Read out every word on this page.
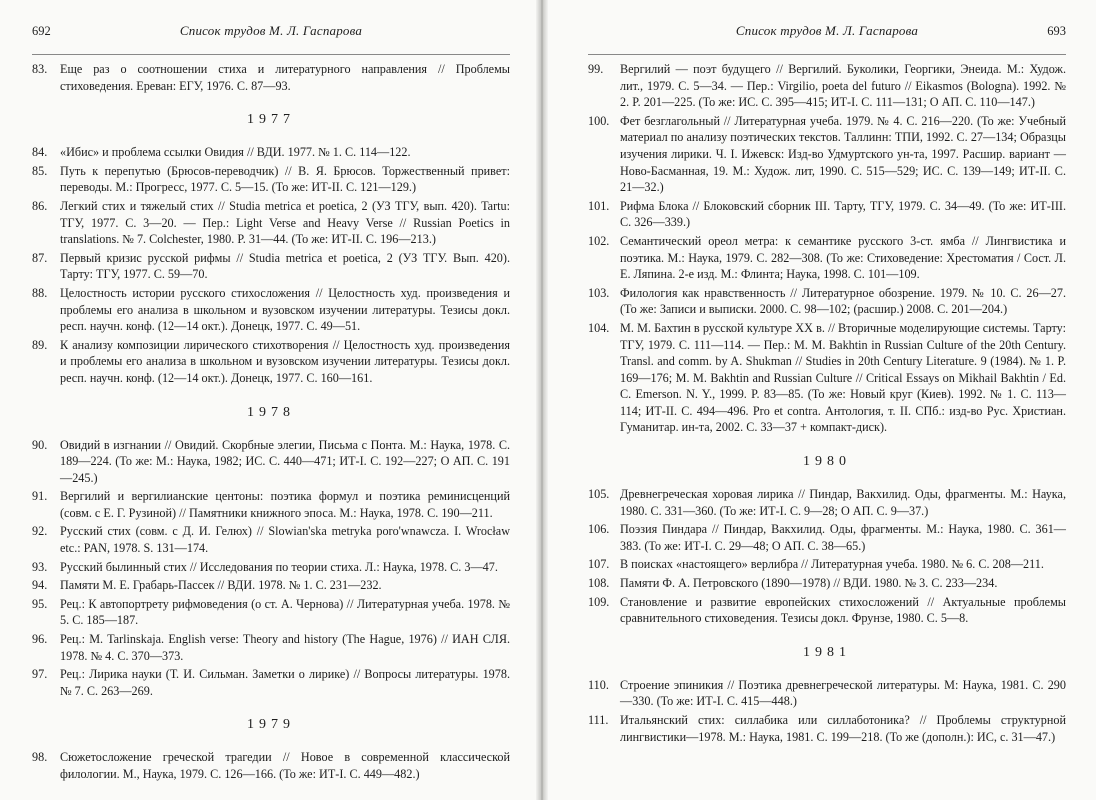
692	Список трудов М. Л. Гаспарова
83.	Еще раз о соотношении стиха и литературного направления // Проблемы стиховедения. Ереван: ЕГУ, 1976. С. 87—93.
1977
84.	«Ибис» и проблема ссылки Овидия // ВДИ. 1977. № 1. С. 114—122.
85.	Путь к перепутью (Брюсов-переводчик) // В. Я. Брюсов. Торжественный привет: переводы. М.: Прогресс, 1977. С. 5—15. (То же: ИТ-II. С. 121—129.)
86.	Легкий стих и тяжелый стих // Studia metrica et poetica, 2 (УЗ ТГУ, вып. 420). Tartu: ТГУ, 1977. С. 3—20. — Пер.: Light Verse and Heavy Verse // Russian Poetics in translations. № 7. Colchester, 1980. P. 31—44. (То же: ИТ-II. С. 196—213.)
87.	Первый кризис русской рифмы // Studia metrica et poetica, 2 (УЗ ТГУ. Вып. 420). Тарту: ТГУ, 1977. С. 59—70.
88.	Целостность истории русского стихосложения // Целостность худ. произведения и проблемы его анализа в школьном и вузовском изучении литературы. Тезисы докл. респ. научн. конф. (12—14 окт.). Донецк, 1977. С. 49—51.
89.	К анализу композиции лирического стихотворения // Целостность худ. произведения и проблемы его анализа в школьном и вузовском изучении литературы. Тезисы докл. респ. научн. конф. (12—14 окт.). Донецк, 1977. С. 160—161.
1978
90.	Овидий в изгнании // Овидий. Скорбные элегии, Письма с Понта. М.: Наука, 1978. С. 189—224. (То же: М.: Наука, 1982; ИС. С. 440—471; ИТ-I. С. 192—227; О АП. С. 191—245.)
91.	Вергилий и вергилианские центоны: поэтика формул и поэтика реминисценций (совм. с Е. Г. Рузиной) // Памятники книжного эпоса. М.: Наука, 1978. С. 190—211.
92.	Русский стих (совм. с Д. И. Гелюх) // Slowian'ska metryka poro'wnawcza. I. Wrocław etc.: PAN, 1978. S. 131—174.
93.	Русский былинный стих // Исследования по теории стиха. Л.: Наука, 1978. С. 3—47.
94.	Памяти М. Е. Грабарь-Пассек // ВДИ. 1978. № 1. С. 231—232.
95.	Рец.: К автопортрету рифмоведения (о ст. А. Чернова) // Литературная учеба. 1978. № 5. С. 185—187.
96.	Рец.: M. Tarlinskaja. English verse: Theory and history (The Hague, 1976) // ИАН СЛЯ. 1978. № 4. С. 370—373.
97.	Рец.: Лирика науки (Т. И. Сильман. Заметки о лирике) // Вопросы литературы. 1978. № 7. С. 263—269.
1979
98.	Сюжетосложение греческой трагедии // Новое в современной классической филологии. М., Наука, 1979. С. 126—166. (То же: ИТ-I. С. 449—482.)
Список трудов М. Л. Гаспарова	693
99.	Вергилий — поэт будущего // Вергилий. Буколики, Георгики, Энеида. М.: Худож. лит., 1979. С. 5—34. — Пер.: Virgilio, poeta del futuro // Eikasmos (Bologna). 1992. № 2. P. 201—225. (То же: ИС. С. 395—415; ИТ-I. С. 111—131; О АП. С. 110—147.)
100. Фет безглагольный // Литературная учеба. 1979. № 4. С. 216—220. (То же: Учебный материал по анализу поэтических текстов. Таллинн: ТПИ, 1992. С. 27—134; Образцы изучения лирики. Ч. I. Ижевск: Изд-во Удмуртского ун-та, 1997. Расшир. вариант — Ново-Басманная, 19. М.: Худож. лит, 1990. С. 515—529; ИС. С. 139—149; ИТ-II. С. 21—32.)
101. Рифма Блока // Блоковский сборник III. Тарту, ТГУ, 1979. С. 34—49. (То же: ИТ-III. С. 326—339.)
102. Семантический ореол метра: к семантике русского 3-ст. ямба // Лингвистика и поэтика. М.: Наука, 1979. С. 282—308. (То же: Стиховедение: Хрестоматия / Сост. Л. Е. Ляпина. 2-е изд. М.: Флинта; Наука, 1998. С. 101—109.
103. Филология как нравственность // Литературное обозрение. 1979. № 10. С. 26—27. (То же: Записи и выписки. 2000. С. 98—102; (расшир.) 2008. С. 201—204.)
104. М. М. Бахтин в русской культуре XX в. // Вторичные моделирующие системы. Тарту: ТГУ, 1979. С. 111—114. — Пер.: M. M. Bakhtin in Russian Culture of the 20th Century. Transl. and comm. by A. Shukman // Studies in 20th Century Literature. 9 (1984). № 1. P. 169—176; M. M. Bakhtin and Russian Culture // Critical Essays on Mikhail Bakhtin / Ed. C. Emerson. N. Y., 1999. P. 83—85. (То же: Новый круг (Киев). 1992. № 1. С. 113—114; ИТ-II. С. 494—496. Pro et contra. Антология, т. II. СПб.: изд-во Рус. Христиан. Гуманитар. ин-та, 2002. С. 33—37 + компакт-диск).
1980
105. Древнегреческая хоровая лирика // Пиндар, Вакхилид. Оды, фрагменты. М.: Наука, 1980. С. 331—360. (То же: ИТ-I. С. 9—28; О АП. С. 9—37.)
106. Поэзия Пиндара // Пиндар, Вакхилид. Оды, фрагменты. М.: Наука, 1980. С. 361—383. (То же: ИТ-I. С. 29—48; О АП. С. 38—65.)
107. В поисках «настоящего» верлибра // Литературная учеба. 1980. № 6. С. 208—211.
108. Памяти Ф. А. Петровского (1890—1978) // ВДИ. 1980. № 3. С. 233—234.
109. Становление и развитие европейских стихосложений // Актуальные проблемы сравнительного стиховедения. Тезисы докл. Фрунзе, 1980. С. 5—8.
1981
110. Строение эпиникия // Поэтика древнегреческой литературы. М: Наука, 1981. С. 290—330. (То же: ИТ-I. С. 415—448.)
111. Итальянский стих: силлабика или силлаботоника? // Проблемы структурной лингвистики—1978. М.: Наука, 1981. С. 199—218. (То же (дополн.): ИС, с. 31—47.)
